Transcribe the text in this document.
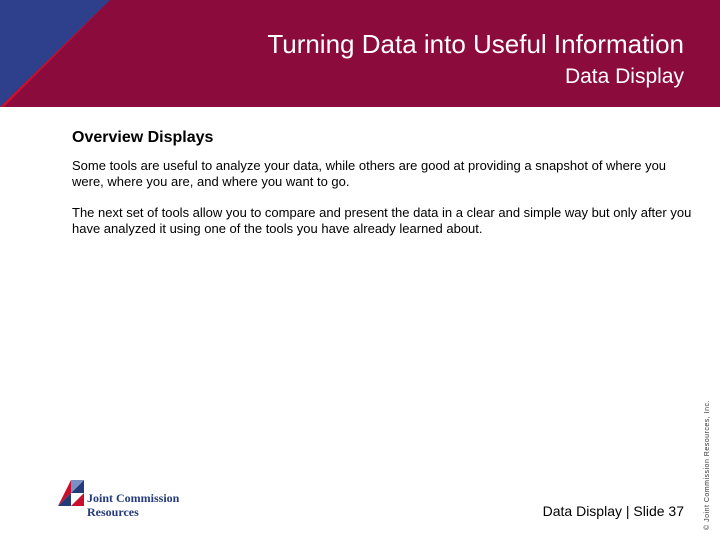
Turning Data into Useful Information
Data Display
Overview Displays

Some tools are useful to analyze your data, while others are good at providing a snapshot of where you were, where you are, and where you want to go.

The next set of tools allow you to compare and present the data in a clear and simple way but only after you have analyzed it using one of the tools you have already learned about.

© Joint Commission Resources, Inc.
Joint Commission
Resources	Data Display | Slide 37
